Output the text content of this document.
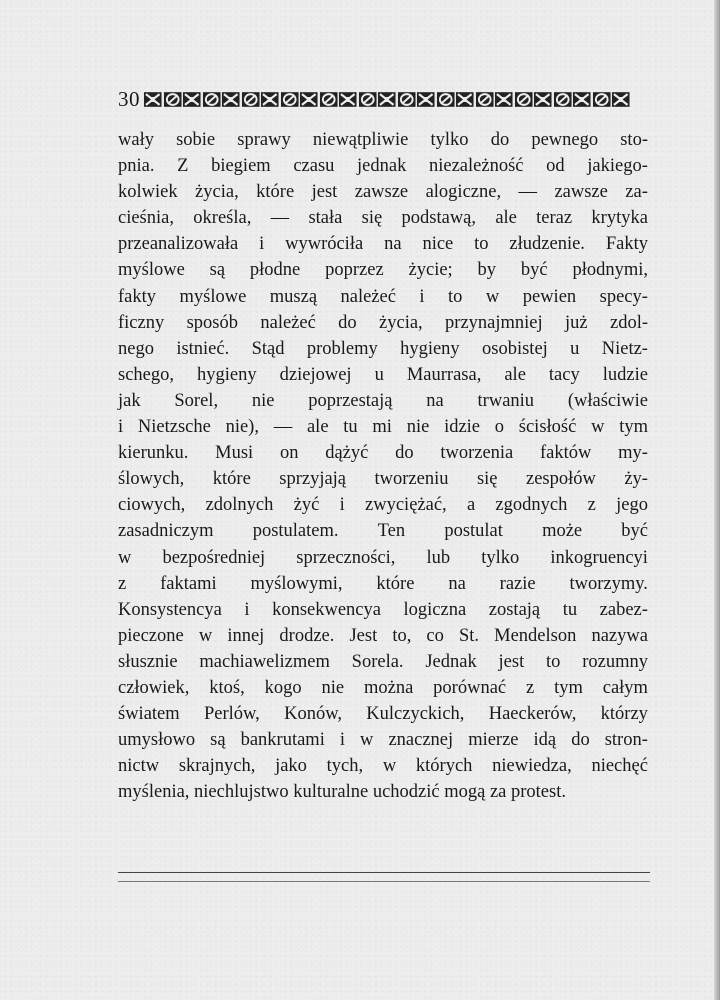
30
wały sobie sprawy niewątpliwie tylko do pewnego sto-
pnia. Z biegiem czasu jednak niezależność od jakiego-
kolwiek życia, które jest zawsze alogiczne, — zawsze za-
cieśnia, określa, — stała się podstawą, ale teraz krytyka
przeanalizowała i wywróciła na nice to złudzenie. Fakty
myślowe są płodne poprzez życie; by być płodnymi,
fakty myślowe muszą należeć i to w pewien specy-
ficzny sposób należeć do życia, przynajmniej już zdol-
nego istnieć. Stąd problemy hygieny osobistej u Nietz-
schego, hygieny dziejowej u Maurrasa, ale tacy ludzie
jak Sorel, nie poprzestają na trwaniu (właściwie
i Nietzsche nie), — ale tu mi nie idzie o ścisłość w tym
kierunku. Musi on dążyć do tworzenia faktów my-
ślowych, które sprzyjają tworzeniu się zespołów ży-
ciowych, zdolnych żyć i zwyciężać, a zgodnych z jego
zasadniczym postulatem. Ten postulat może być
w bezpośredniej sprzeczności, lub tylko inkogruencyi
z faktami myślowymi, które na razie tworzymy.
Konsystencya i konsekwencya logiczna zostają tu zabez-
pieczone w innej drodze. Jest to, co St. Mendelson nazywa
słusznie machiawelizmem Sorela. Jednak jest to rozumny
człowiek, ktoś, kogo nie można porównać z tym całym
światem Perlów, Konów, Kulczyckich, Haeckerów, którzy
umysłowo są bankrutami i w znacznej mierze idą do stron-
nictw skrajnych, jako tych, w których niewiedza, niechęć
myślenia, niechlujstwo kulturalne uchodzić mogą za protest.
